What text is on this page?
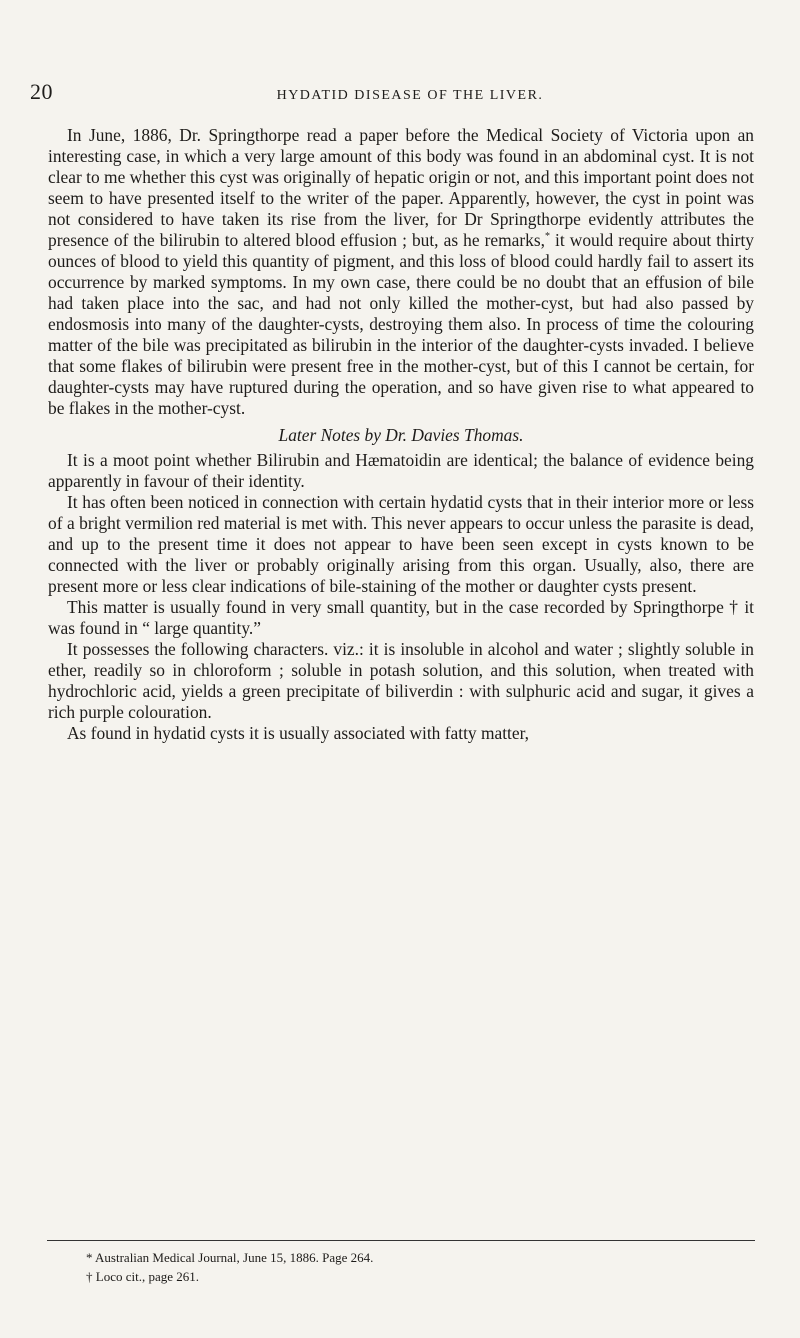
20	HYDATID DISEASE OF THE LIVER.

In June, 1886, Dr. Springthorpe read a paper before the Medical Society of Victoria upon an interesting case, in which a very large amount of this body was found in an abdominal cyst. It is not clear to me whether this cyst was originally of hepatic origin or not, and this important point does not seem to have presented itself to the writer of the paper. Apparently, however, the cyst in point was not considered to have taken its rise from the liver, for Dr Springthorpe evidently attributes the presence of the bilirubin to altered blood effusion ; but, as he remarks,* it would require about thirty ounces of blood to yield this quantity of pigment, and this loss of blood could hardly fail to assert its occurrence by marked symptoms. In my own case, there could be no doubt that an effusion of bile had taken place into the sac, and had not only killed the mother-cyst, but had also passed by endosmosis into many of the daughter-cysts, destroying them also. In process of time the colouring matter of the bile was precipitated as bilirubin in the interior of the daughter-cysts invaded. I believe that some flakes of bilirubin were present free in the mother-cyst, but of this I cannot be certain, for daughter-cysts may have ruptured during the operation, and so have given rise to what appeared to be flakes in the mother-cyst.

Later Notes by Dr. Davies Thomas.

It is a moot point whether Bilirubin and Hæmatoidin are identical; the balance of evidence being apparently in favour of their identity.

It has often been noticed in connection with certain hydatid cysts that in their interior more or less of a bright vermilion red material is met with. This never appears to occur unless the parasite is dead, and up to the present time it does not appear to have been seen except in cysts known to be connected with the liver or probably originally arising from this organ. Usually, also, there are present more or less clear indications of bile-staining of the mother or daughter cysts present.

This matter is usually found in very small quantity, but in the case recorded by Springthorpe † it was found in “ large quantity.”

It possesses the following characters. viz.: it is insoluble in alcohol and water ; slightly soluble in ether, readily so in chloroform ; soluble in potash solution, and this solution, when treated with hydrochloric acid, yields a green precipitate of biliverdin : with sulphuric acid and sugar, it gives a rich purple colouration.

As found in hydatid cysts it is usually associated with fatty matter,

* Australian Medical Journal, June 15, 1886. Page 264.
† Loco cit., page 261.
